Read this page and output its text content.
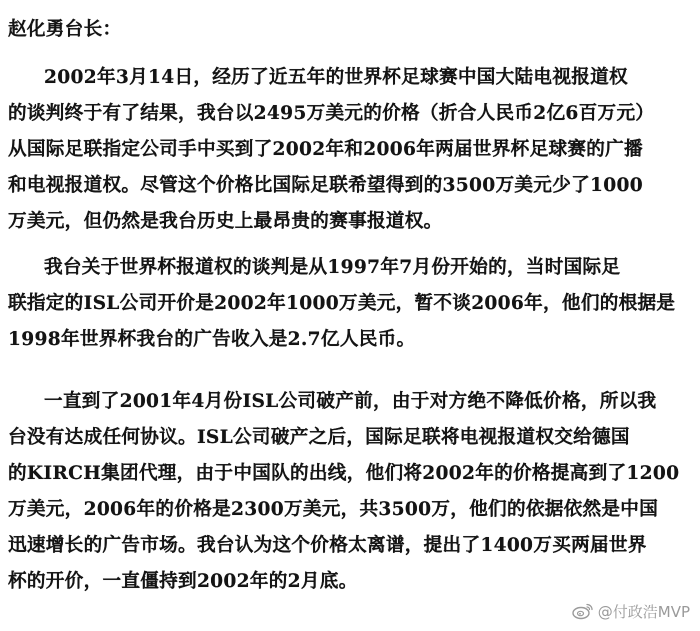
赵化勇台长：
2002年3月14日，经历了近五年的世界杯足球赛中国大陆电视报道权
的谈判终于有了结果，我台以2495万美元的价格（折合人民币2亿6百万元）
从国际足联指定公司手中买到了2002年和2006年两届世界杯足球赛的广播
和电视报道权。尽管这个价格比国际足联希望得到的3500万美元少了1000
万美元，但仍然是我台历史上最昂贵的赛事报道权。
我台关于世界杯报道权的谈判是从1997年7月份开始的，当时国际足
联指定的ISL公司开价是2002年1000万美元，暂不谈2006年，他们的根据是
1998年世界杯我台的广告收入是2.7亿人民币。
一直到了2001年4月份ISL公司破产前，由于对方绝不降低价格，所以我
台没有达成任何协议。ISL公司破产之后，国际足联将电视报道权交给德国
的KIRCH集团代理，由于中国队的出线，他们将2002年的价格提高到了1200
万美元，2006年的价格是2300万美元，共3500万，他们的依据依然是中国
迅速增长的广告市场。我台认为这个价格太离谱，提出了1400万买两届世界
杯的开价，一直僵持到2002年的2月底。
@付政浩MVP
